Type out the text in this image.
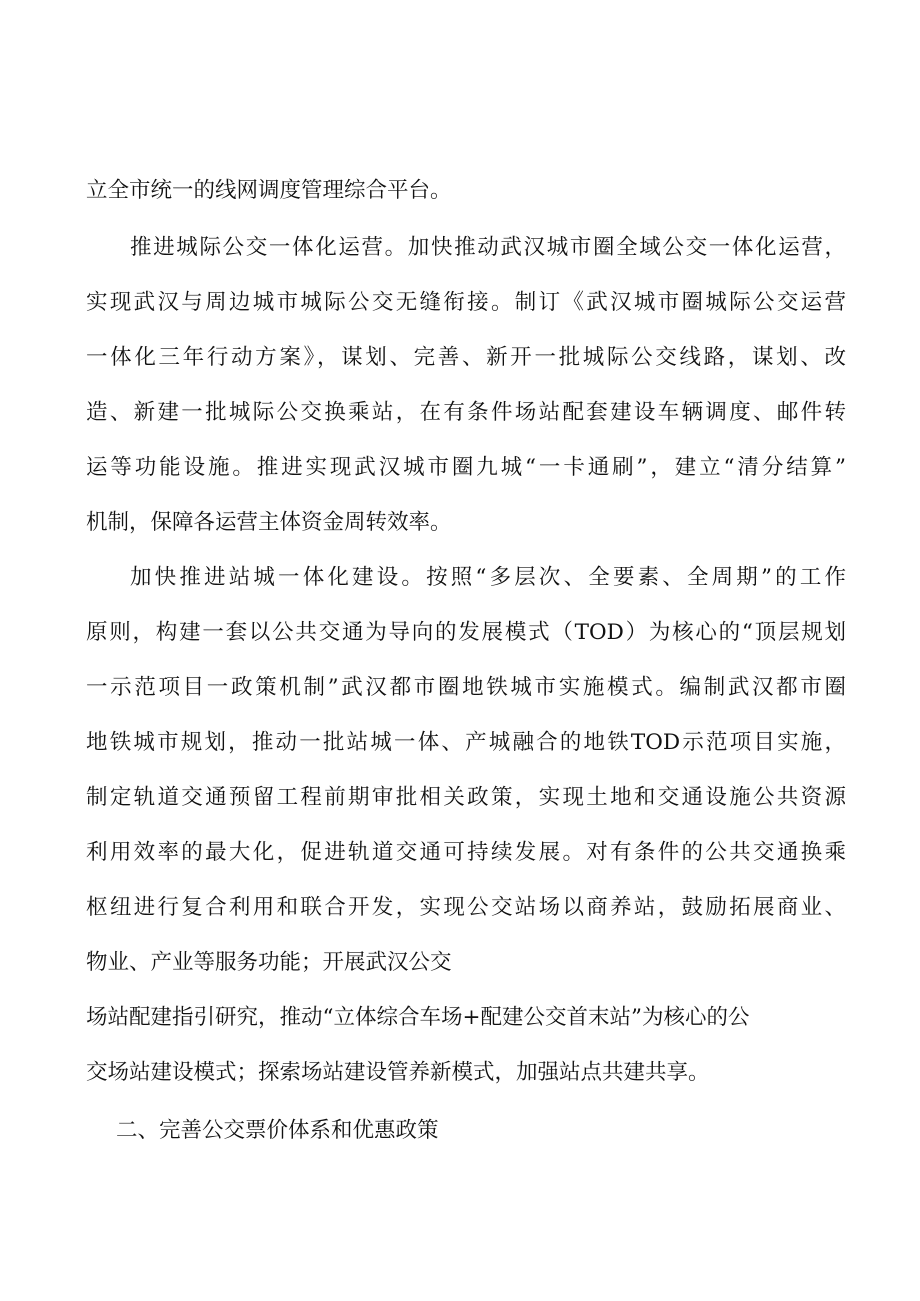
立全市统一的线网调度管理综合平台。
推进城际公交一体化运营。加快推动武汉城市圈全域公交一体化运营，
实现武汉与周边城市城际公交无缝衔接。制订《武汉城市圈城际公交运营
一体化三年行动方案》，谋划、完善、新开一批城际公交线路，谋划、改
造、新建一批城际公交换乘站，在有条件场站配套建设车辆调度、邮件转
运等功能设施。推进实现武汉城市圈九城“一卡通刷”，建立“清分结算”
机制，保障各运营主体资金周转效率。
加快推进站城一体化建设。按照“多层次、全要素、全周期”的工作
原则，构建一套以公共交通为导向的发展模式（TOD）为核心的“顶层规划
一示范项目一政策机制”武汉都市圈地铁城市实施模式。编制武汉都市圈
地铁城市规划，推动一批站城一体、产城融合的地铁TOD示范项目实施，
制定轨道交通预留工程前期审批相关政策，实现土地和交通设施公共资源
利用效率的最大化，促进轨道交通可持续发展。对有条件的公共交通换乘
枢纽进行复合利用和联合开发，实现公交站场以商养站，鼓励拓展商业、
物业、产业等服务功能；开展武汉公交
场站配建指引研究，推动“立体综合车场+配建公交首末站”为核心的公
交场站建设模式；探索场站建设管养新模式，加强站点共建共享。
二、完善公交票价体系和优惠政策
